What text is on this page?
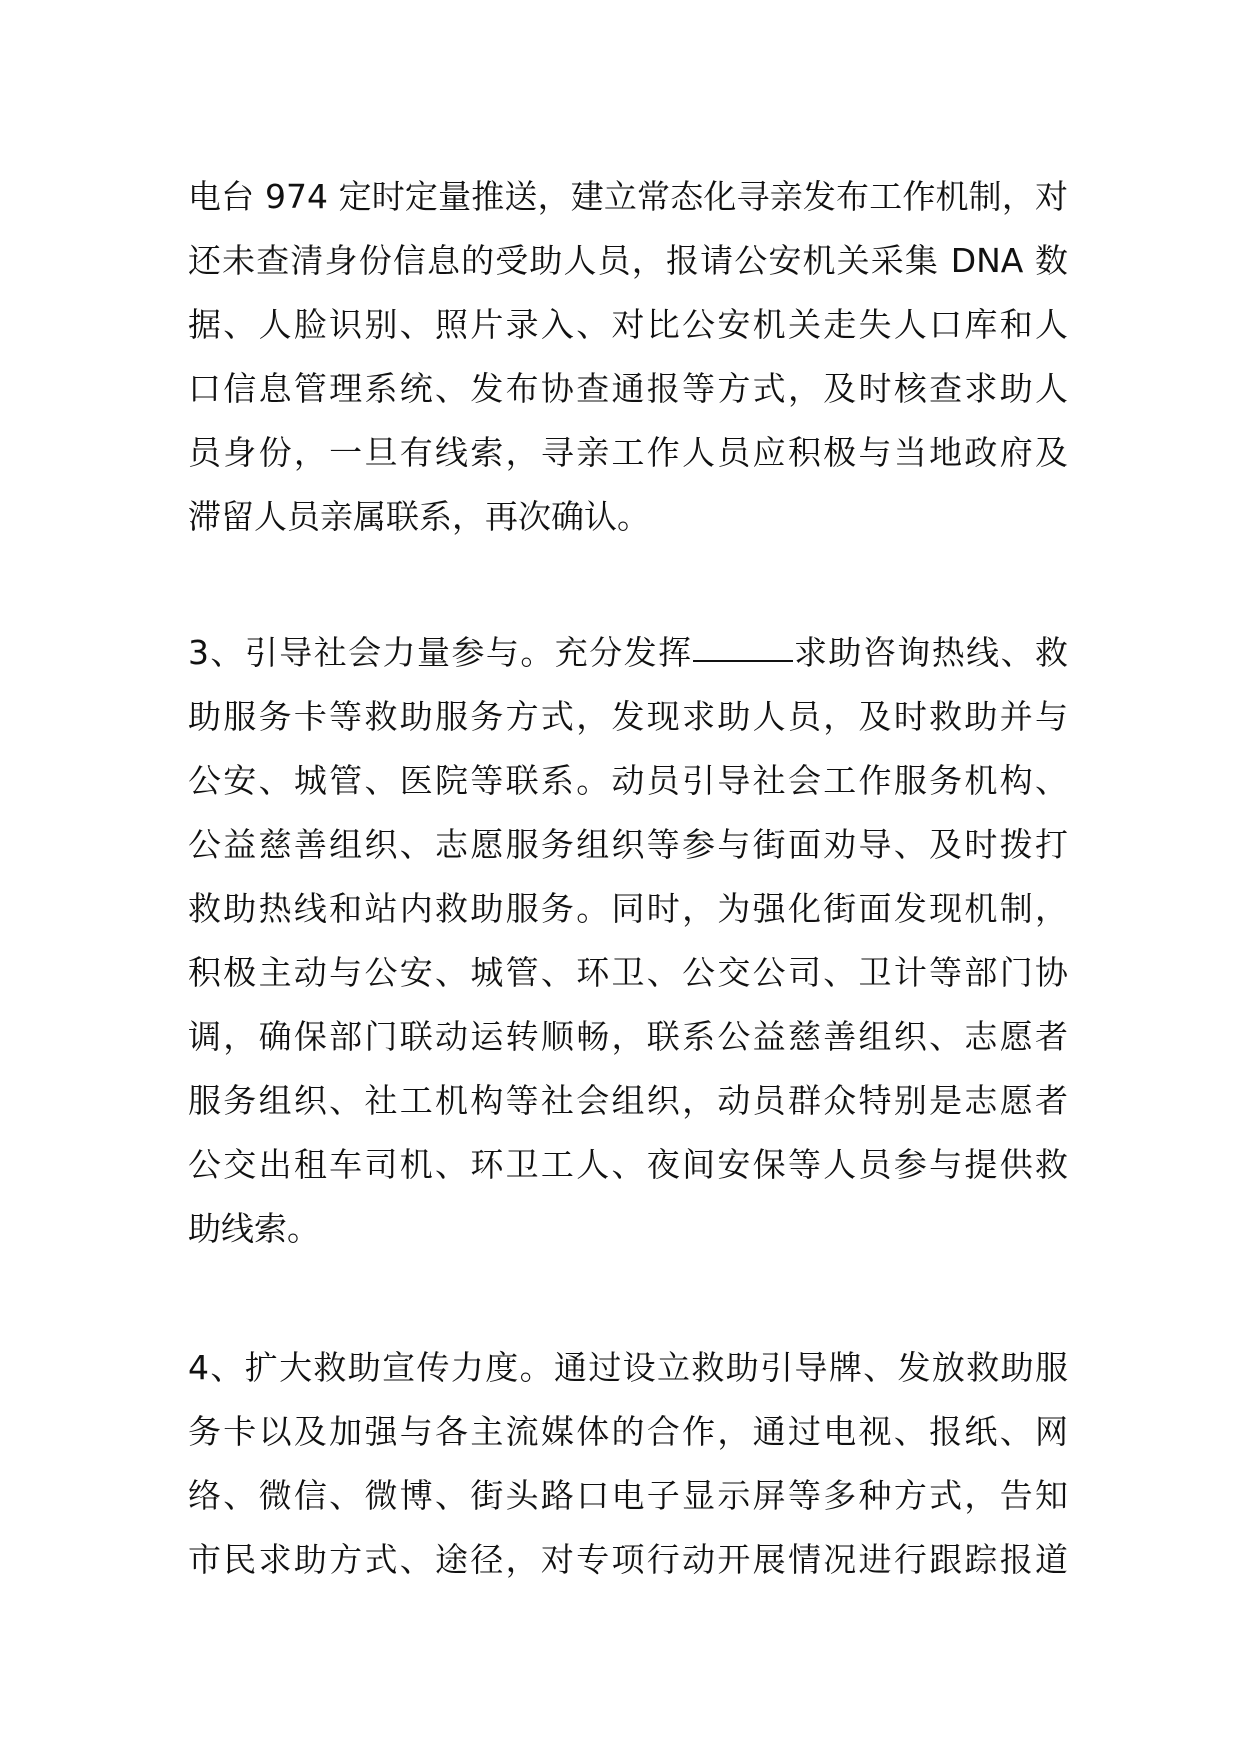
电台 974 定时定量推送，建立常态化寻亲发布工作机制，对
还未查清身份信息的受助人员，报请公安机关采集 DNA 数
据、人脸识别、照片录入、对比公安机关走失人口库和人
口信息管理系统、发布协查通报等方式，及时核查求助人
员身份，一旦有线索，寻亲工作人员应积极与当地政府及
滞留人员亲属联系，再次确认。
3、引导社会力量参与。充分发挥	求助咨询热线、救
助服务卡等救助服务方式，发现求助人员，及时救助并与
公安、城管、医院等联系。动员引导社会工作服务机构、
公益慈善组织、志愿服务组织等参与街面劝导、及时拨打
救助热线和站内救助服务。同时，为强化街面发现机制，
积极主动与公安、城管、环卫、公交公司、卫计等部门协
调，确保部门联动运转顺畅，联系公益慈善组织、志愿者
服务组织、社工机构等社会组织，动员群众特别是志愿者
公交出租车司机、环卫工人、夜间安保等人员参与提供救
助线索。
4、扩大救助宣传力度。通过设立救助引导牌、发放救助服
务卡以及加强与各主流媒体的合作，通过电视、报纸、网
络、微信、微博、街头路口电子显示屏等多种方式，告知
市民求助方式、途径，对专项行动开展情况进行跟踪报道
